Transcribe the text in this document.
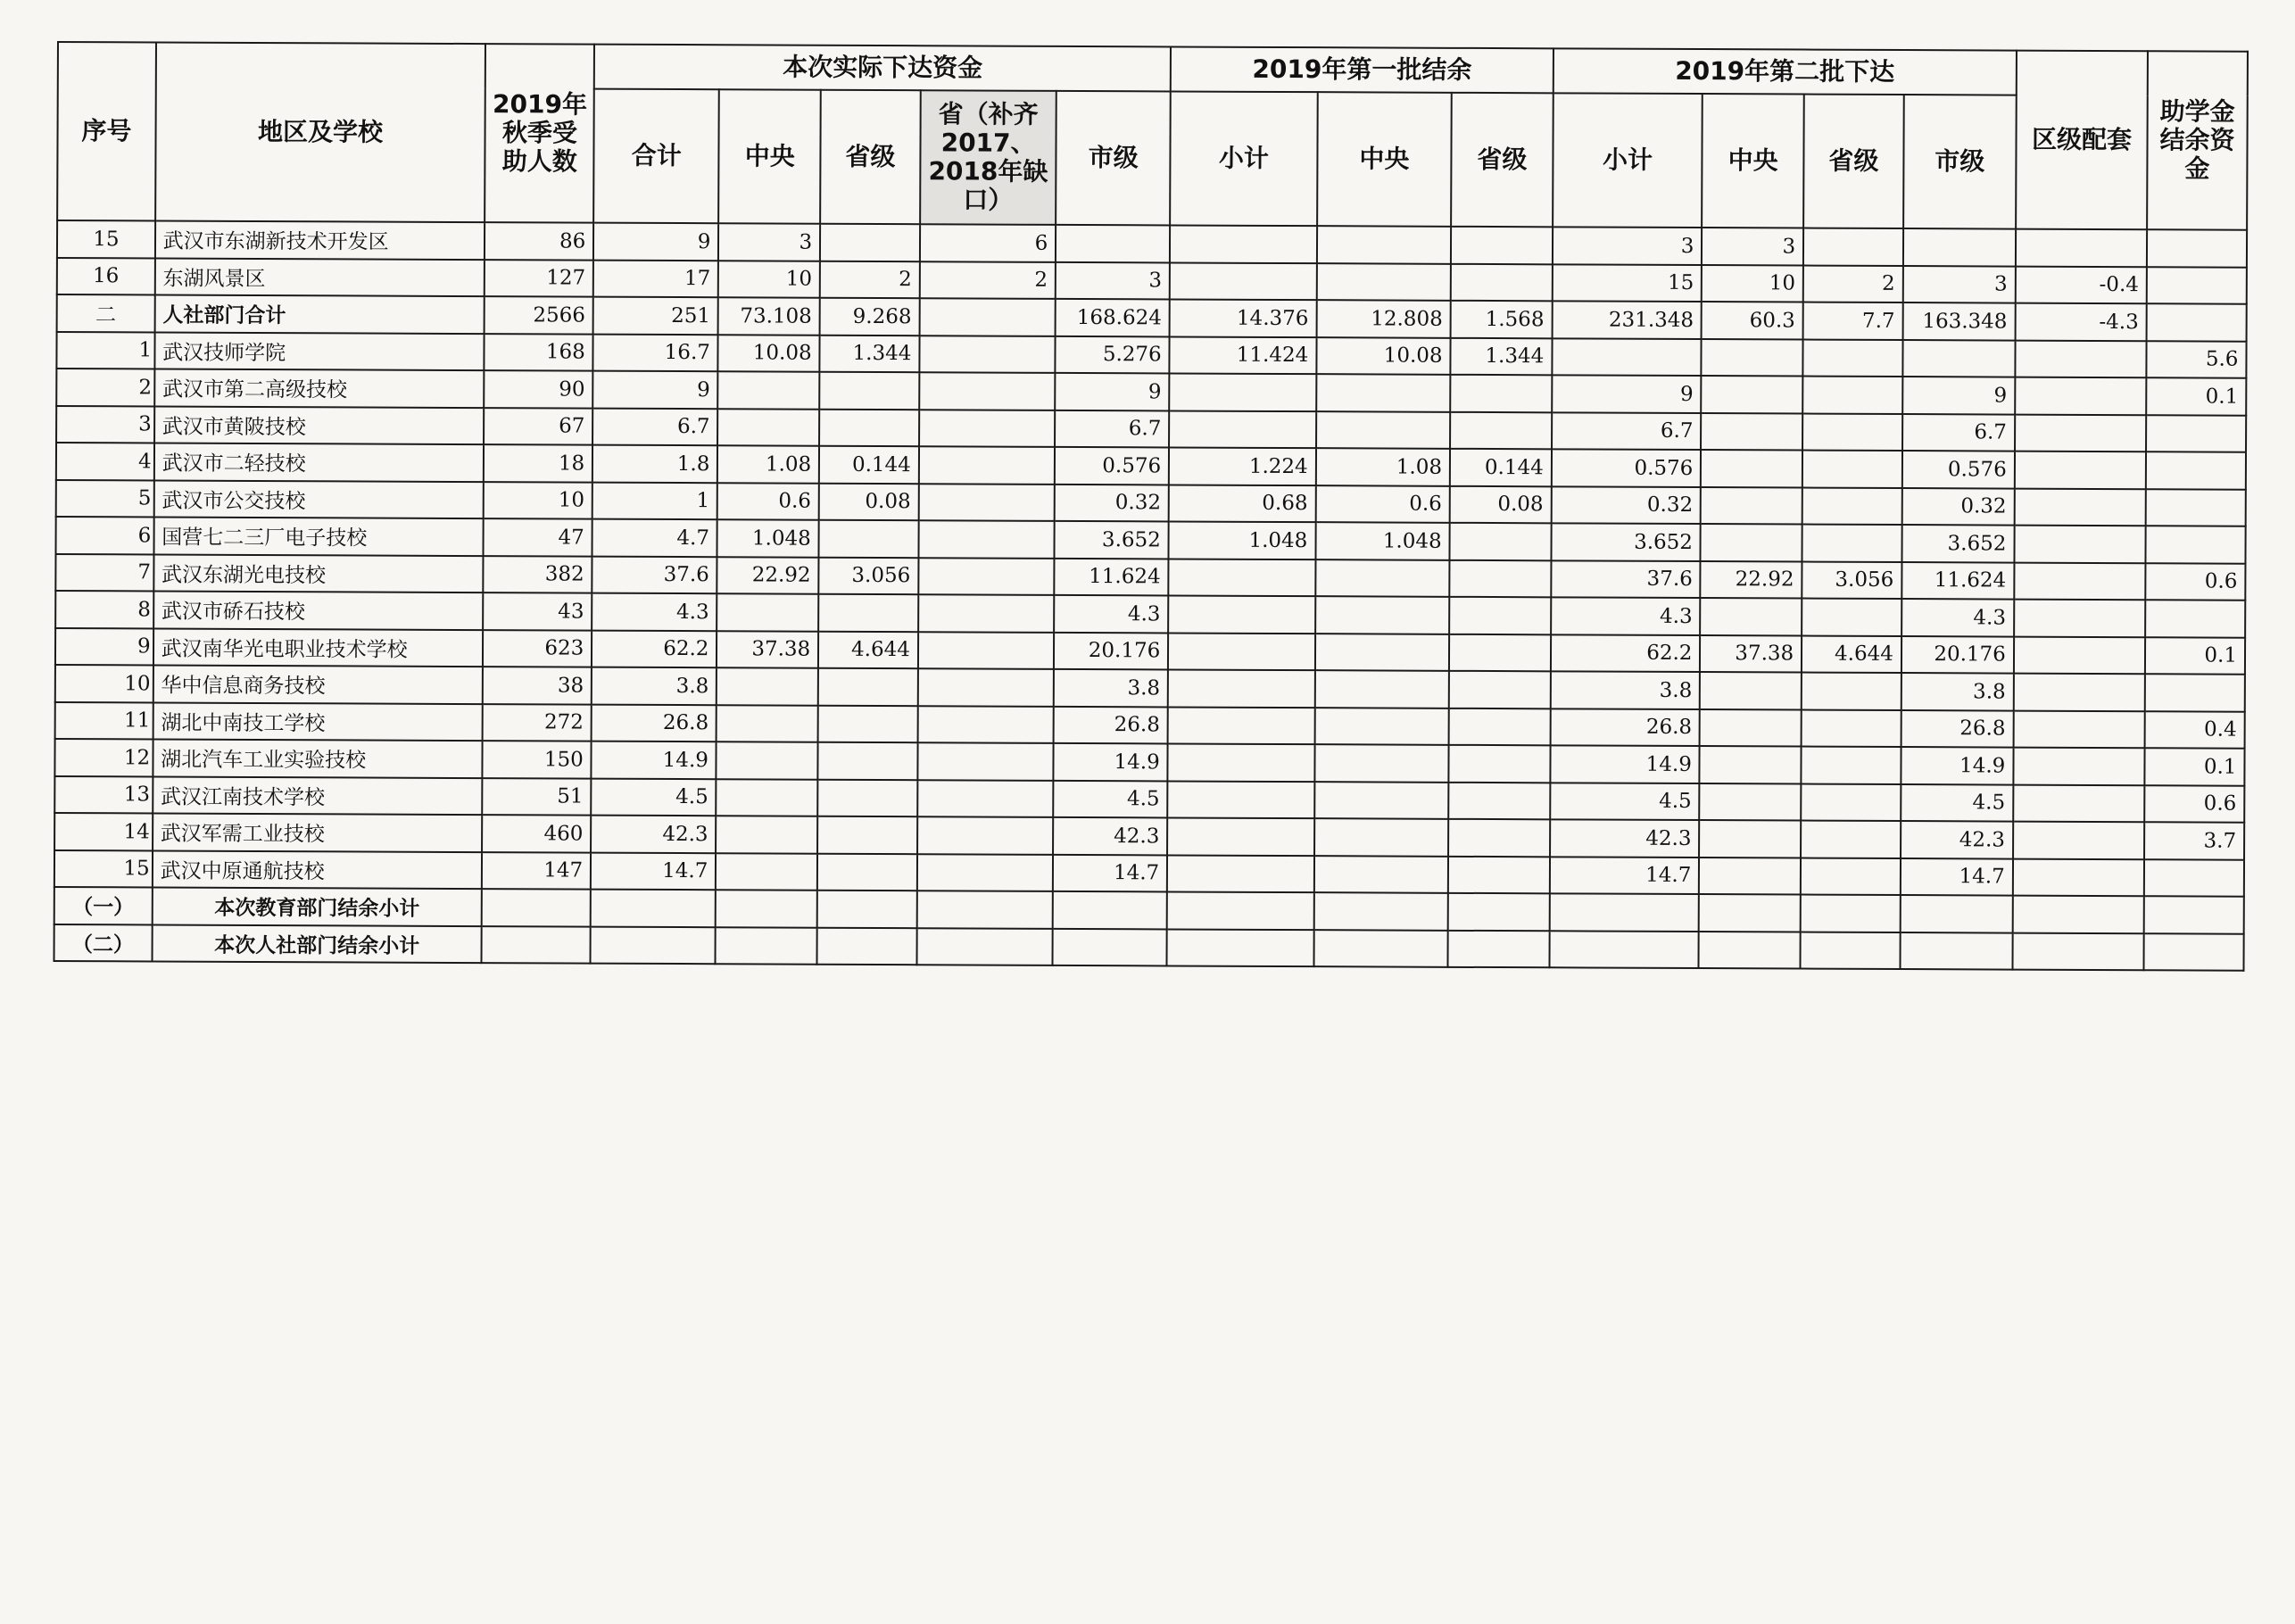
序号	地区及学校	2019年秋季受助人数	本次实际下达资金					2019年第一批结余			2019年第二批下达				区级配套	助学金结余资金
			合计	中央	省级	省（补齐2017、2018年缺口）	市级	小计	中央	省级	小计	中央	省级	市级		
15	武汉市东湖新技术开发区	86	9	3		6					3	3				
16	东湖风景区	127	17	10	2	2	3				15	10	2	3	-0.4	
二	人社部门合计	2566	251	73.108	9.268		168.624	14.376	12.808	1.568	231.348	60.3	7.7	163.348	-4.3	
1	武汉技师学院	168	16.7	10.08	1.344		5.276	11.424	10.08	1.344						5.6
2	武汉市第二高级技校	90	9				9				9			9		0.1
3	武汉市黄陂技校	67	6.7				6.7				6.7			6.7		
4	武汉市二轻技校	18	1.8	1.08	0.144		0.576	1.224	1.08	0.144	0.576			0.576		
5	武汉市公交技校	10	1	0.6	0.08		0.32	0.68	0.6	0.08	0.32			0.32		
6	国营七二三厂电子技校	47	4.7	1.048			3.652	1.048	1.048		3.652			3.652		
7	武汉东湖光电技校	382	37.6	22.92	3.056		11.624				37.6	22.92	3.056	11.624		0.6
8	武汉市硚石技校	43	4.3				4.3				4.3			4.3		
9	武汉南华光电职业技术学校	623	62.2	37.38	4.644		20.176				62.2	37.38	4.644	20.176		0.1
10	华中信息商务技校	38	3.8				3.8				3.8			3.8		
11	湖北中南技工学校	272	26.8				26.8				26.8			26.8		0.4
12	湖北汽车工业实验技校	150	14.9				14.9				14.9			14.9		0.1
13	武汉江南技术学校	51	4.5				4.5				4.5			4.5		0.6
14	武汉军需工业技校	460	42.3				42.3				42.3			42.3		3.7
15	武汉中原通航技校	147	14.7				14.7				14.7			14.7		
（一）	本次教育部门结余小计															
（二）	本次人社部门结余小计															
